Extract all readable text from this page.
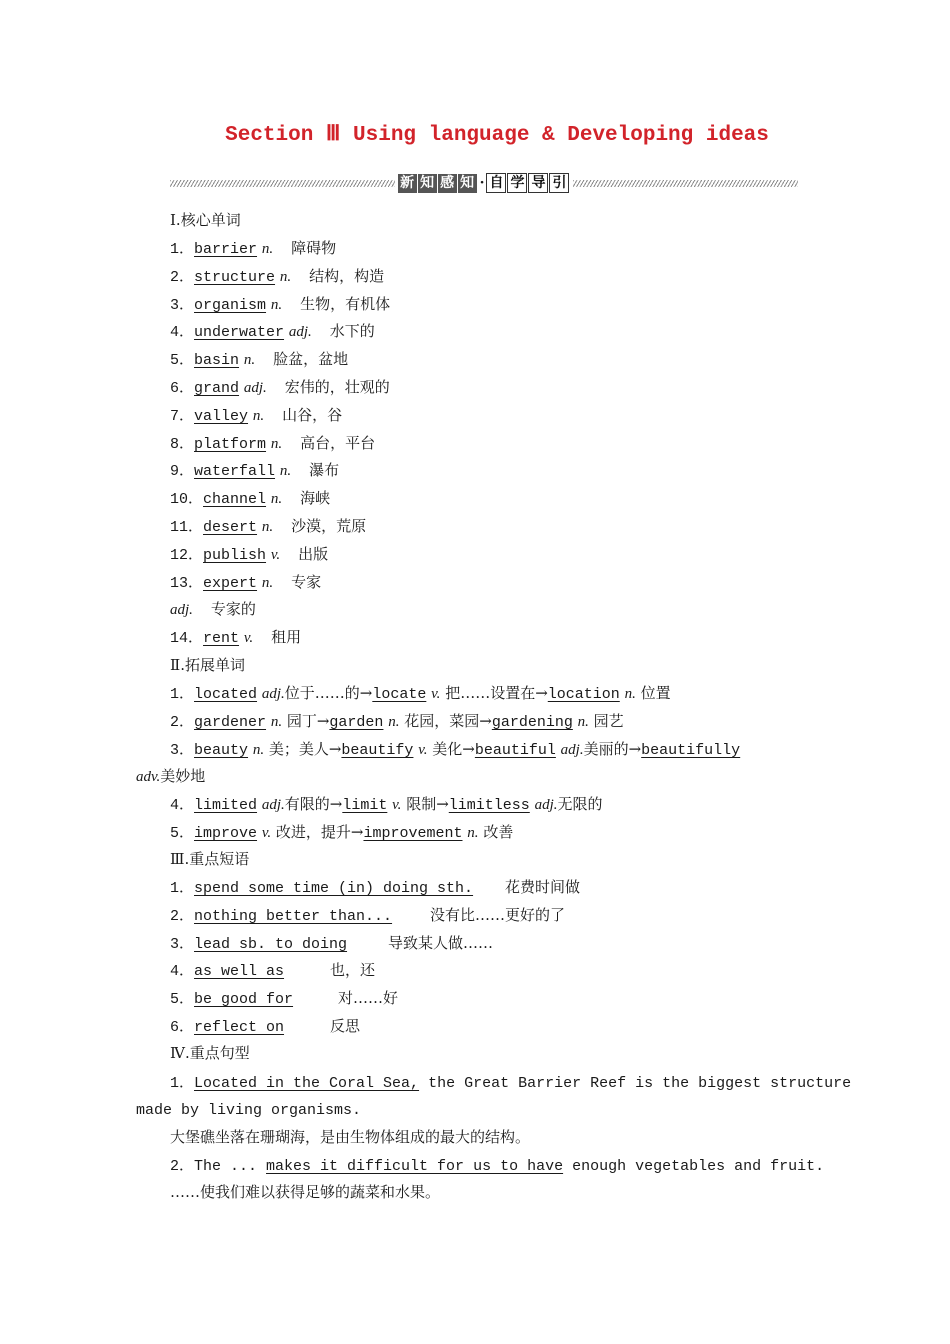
Section Ⅲ Using language & Developing ideas
新 知 感 知 · 自 学 导 引
Ⅰ.核心单词
1．barrier n. 障碍物
2．structure n. 结构，构造
3．organism n. 生物，有机体
4．underwater adj. 水下的
5．basin n. 脸盆，盆地
6．grand adj. 宏伟的，壮观的
7．valley n. 山谷，谷
8．platform n. 高台，平台
9．waterfall n. 瀑布
10．channel n. 海峡
11．desert n. 沙漠，荒原
12．publish v. 出版
13．expert n. 专家
adj. 专家的
14．rent v. 租用
Ⅱ.拓展单词
1．located adj.位于……的→locate v. 把……设置在→location n. 位置
2．gardener n. 园丁→garden n. 花园，菜园→gardening n. 园艺
3．beauty n. 美；美人→beautify v. 美化→beautiful adj.美丽的→beautifully
adv.美妙地
4．limited adj.有限的→limit v. 限制→limitless adj.无限的
5．improve v. 改进，提升→improvement n. 改善
Ⅲ.重点短语
1．spend some time (in) doing sth. 花费时间做
2．nothing better than...	没有比……更好的了
3．lead sb. to doing	导致某人做……
4．as well as	也，还
5．be good for	对……好
6．reflect on	反思
Ⅳ.重点句型
1．Located in the Coral Sea, the Great Barrier Reef is the biggest structure
made by living organisms.
大堡礁坐落在珊瑚海，是由生物体组成的最大的结构。
2．The ... makes it difficult for us to have enough vegetables and fruit.
……使我们难以获得足够的蔬菜和水果。
